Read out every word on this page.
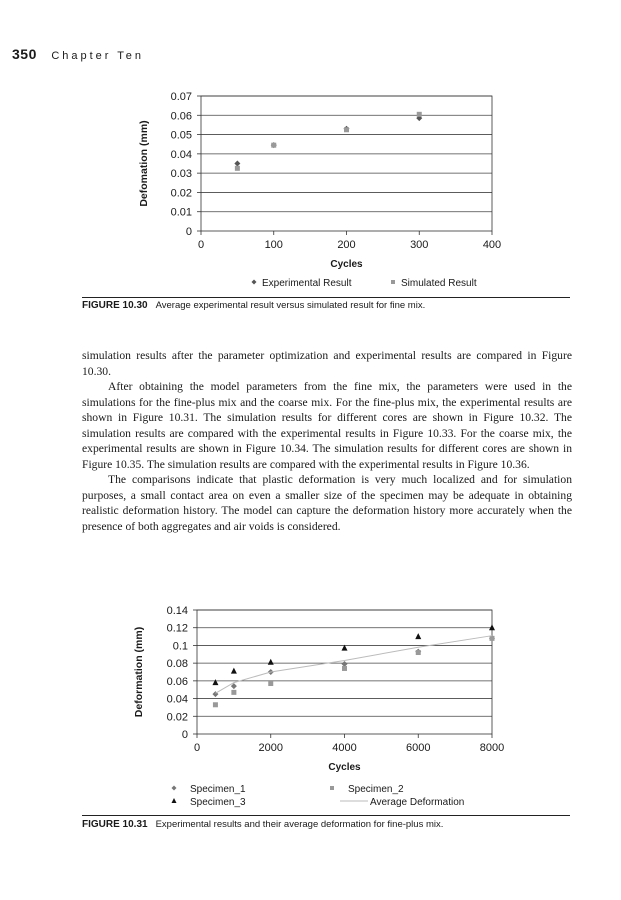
350 Chapter Ten
0
0.01
0.02
0.03
0.04
0.05
0.06
0.07
0	100	200	300	400
Cycles
Defomation (mm)
Experimental Result	Simulated Result
FIGURE 10.30 Average experimental result versus simulated result for fine mix.

simulation results after the parameter optimization and experimental results are compared in Figure 10.30.

After obtaining the model parameters from the fine mix, the parameters were used in the simulations for the fine-plus mix and the coarse mix. For the fine-plus mix, the experimental results are shown in Figure 10.31. The simulation results for different cores are shown in Figure 10.32. The simulation results are compared with the experimental results in Figure 10.33. For the coarse mix, the experimental results are shown in Figure 10.34. The simulation results for different cores are shown in Figure 10.35. The simulation results are compared with the experimental results in Figure 10.36.

The comparisons indicate that plastic deformation is very much localized and for simulation purposes, a small contact area on even a smaller size of the specimen may be adequate in obtaining realistic deformation history. The model can capture the deformation history more accurately when the presence of both aggregates and air voids is considered.

0
0.02
0.04
0.06
0.08
0.1
0.12
0.14
0	2000	4000	6000	8000
Cycles
Deformation (mm)
Specimen_1	Specimen_2
Specimen_3	Average Deformation
FIGURE 10.31 Experimental results and their average deformation for fine-plus mix.
